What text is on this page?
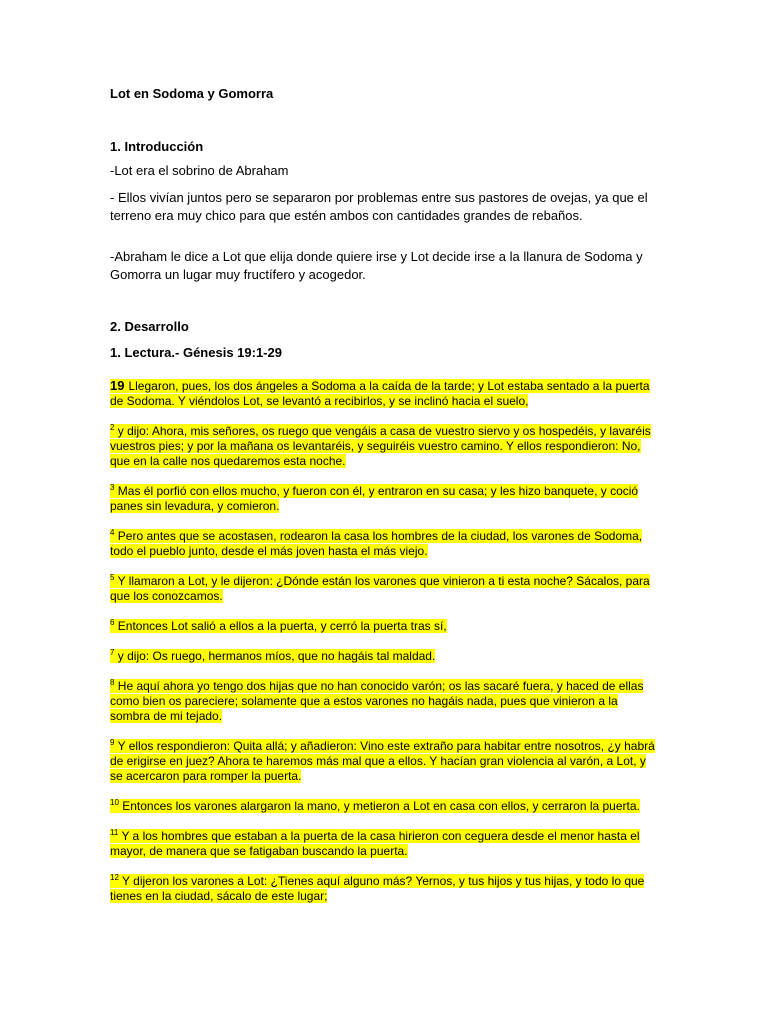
Lot en Sodoma y Gomorra
1. Introducción
-Lot era el sobrino de Abraham
- Ellos vivían juntos pero se separaron por problemas entre sus pastores de ovejas, ya que el terreno era muy chico para que estén ambos con cantidades grandes de rebaños.
-Abraham le dice a Lot que elija donde quiere irse y Lot decide irse a la llanura de Sodoma y Gomorra un lugar muy fructífero y acogedor.
2. Desarrollo
1. Lectura.- Génesis 19:1-29

19 Llegaron, pues, los dos ángeles a Sodoma a la caída de la tarde; y Lot estaba sentado a la puerta de Sodoma. Y viéndolos Lot, se levantó a recibirlos, y se inclinó hacia el suelo,

$^2$ y dijo: Ahora, mis señores, os ruego que vengáis a casa de vuestro siervo y os hospedéis, y lavaréis vuestros pies; y por la mañana os levantaréis, y seguiréis vuestro camino. Y ellos respondieron: No, que en la calle nos quedaremos esta noche.

$^3$ Mas él porfió con ellos mucho, y fueron con él, y entraron en su casa; y les hizo banquete, y coció panes sin levadura, y comieron.

$^4$ Pero antes que se acostasen, rodearon la casa los hombres de la ciudad, los varones de Sodoma, todo el pueblo junto, desde el más joven hasta el más viejo.

$^5$ Y llamaron a Lot, y le dijeron: ¿Dónde están los varones que vinieron a ti esta noche? Sácalos, para que los conozcamos.

$^6$ Entonces Lot salió a ellos a la puerta, y cerró la puerta tras sí,

$^7$ y dijo: Os ruego, hermanos míos, que no hagáis tal maldad.

$^8$ He aquí ahora yo tengo dos hijas que no han conocido varón; os las sacaré fuera, y haced de ellas como bien os pareciere; solamente que a estos varones no hagáis nada, pues que vinieron a la sombra de mi tejado.

$^9$ Y ellos respondieron: Quita allá; y añadieron: Vino este extraño para habitar entre nosotros, ¿y habrá de erigirse en juez? Ahora te haremos más mal que a ellos. Y hacían gran violencia al varón, a Lot, y se acercaron para romper la puerta.

$^{10}$ Entonces los varones alargaron la mano, y metieron a Lot en casa con ellos, y cerraron la puerta.

$^{11}$ Y a los hombres que estaban a la puerta de la casa hirieron con ceguera desde el menor hasta el mayor, de manera que se fatigaban buscando la puerta.

$^{12}$ Y dijeron los varones a Lot: ¿Tienes aquí alguno más? Yernos, y tus hijos y tus hijas, y todo lo que tienes en la ciudad, sácalo de este lugar;
